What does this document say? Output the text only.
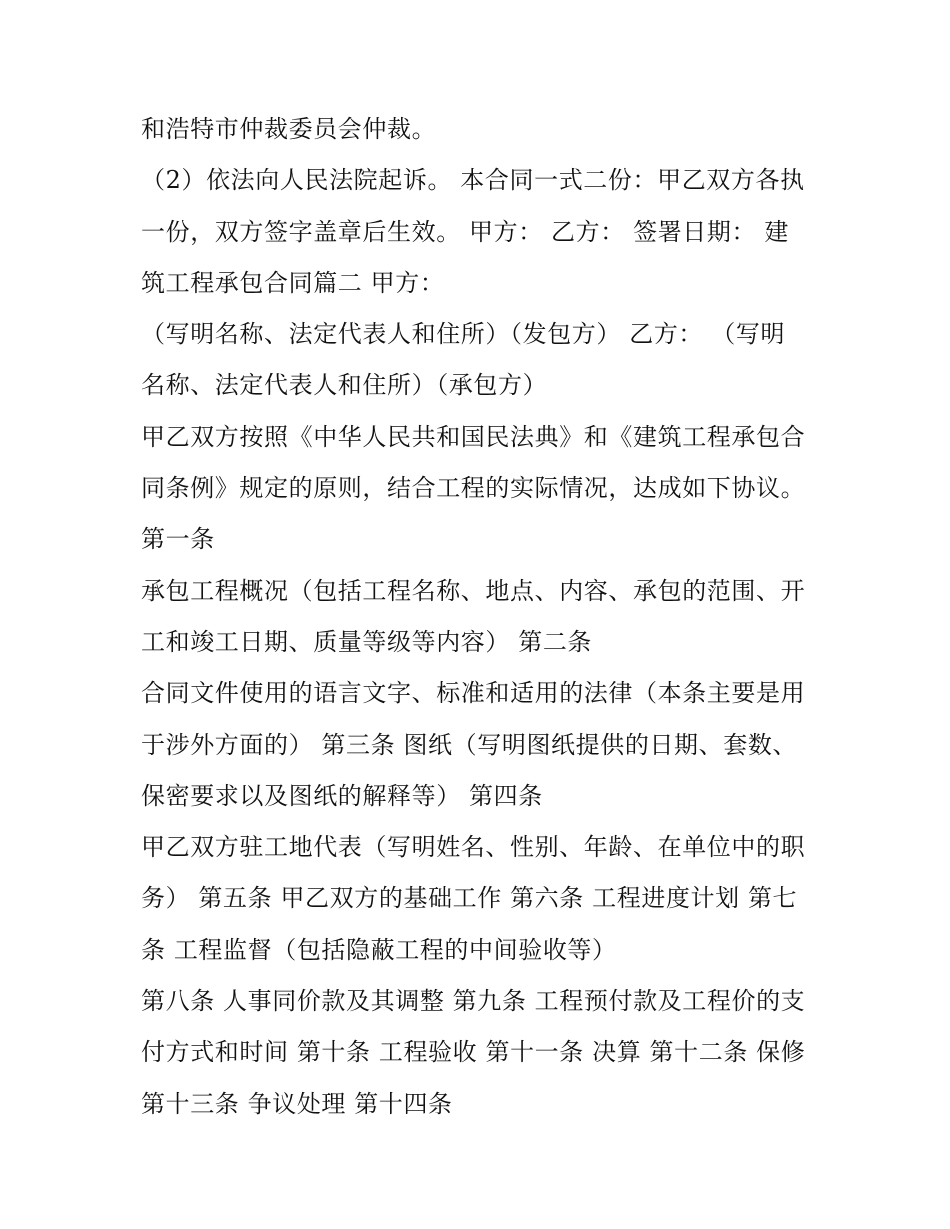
和浩特市仲裁委员会仲裁。
（2）依法向人民法院起诉。 本合同一式二份：甲乙双方各执
一份，双方签字盖章后生效。 甲方： 乙方： 签署日期： 建
筑工程承包合同篇二 甲方：
（写明名称、法定代表人和住所）（发包方） 乙方： （写明
名称、法定代表人和住所）（承包方）
甲乙双方按照《中华人民共和国民法典》和《建筑工程承包合
同条例》规定的原则，结合工程的实际情况，达成如下协议。
第一条
承包工程概况（包括工程名称、地点、内容、承包的范围、开
工和竣工日期、质量等级等内容） 第二条
合同文件使用的语言文字、标准和适用的法律（本条主要是用
于涉外方面的） 第三条 图纸（写明图纸提供的日期、套数、
保密要求以及图纸的解释等） 第四条
甲乙双方驻工地代表（写明姓名、性别、年龄、在单位中的职
务） 第五条 甲乙双方的基础工作 第六条 工程进度计划 第七
条 工程监督（包括隐蔽工程的中间验收等）
第八条 人事同价款及其调整 第九条 工程预付款及工程价的支
付方式和时间 第十条 工程验收 第十一条 决算 第十二条 保修
第十三条 争议处理 第十四条
